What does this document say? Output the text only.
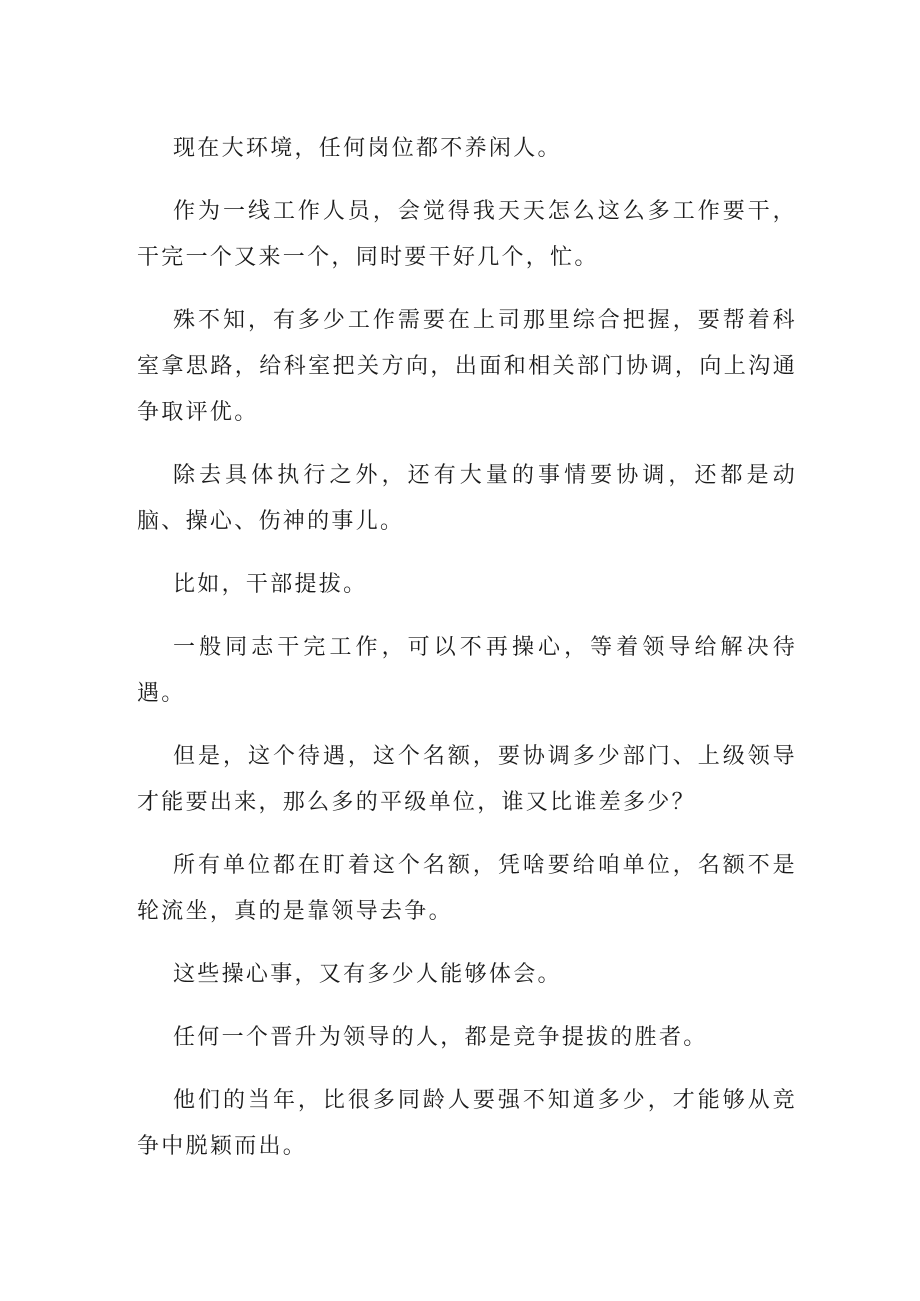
现在大环境，任何岗位都不养闲人。

作为一线工作人员，会觉得我天天怎么这么多工作要干，干完一个又来一个，同时要干好几个，忙。

殊不知，有多少工作需要在上司那里综合把握，要帮着科室拿思路，给科室把关方向，出面和相关部门协调，向上沟通争取评优。

除去具体执行之外，还有大量的事情要协调，还都是动脑、操心、伤神的事儿。

比如，干部提拔。

一般同志干完工作，可以不再操心，等着领导给解决待遇。

但是，这个待遇，这个名额，要协调多少部门、上级领导才能要出来，那么多的平级单位，谁又比谁差多少？

所有单位都在盯着这个名额，凭啥要给咱单位，名额不是轮流坐，真的是靠领导去争。

这些操心事，又有多少人能够体会。

任何一个晋升为领导的人，都是竞争提拔的胜者。

他们的当年，比很多同龄人要强不知道多少，才能够从竞争中脱颖而出。
